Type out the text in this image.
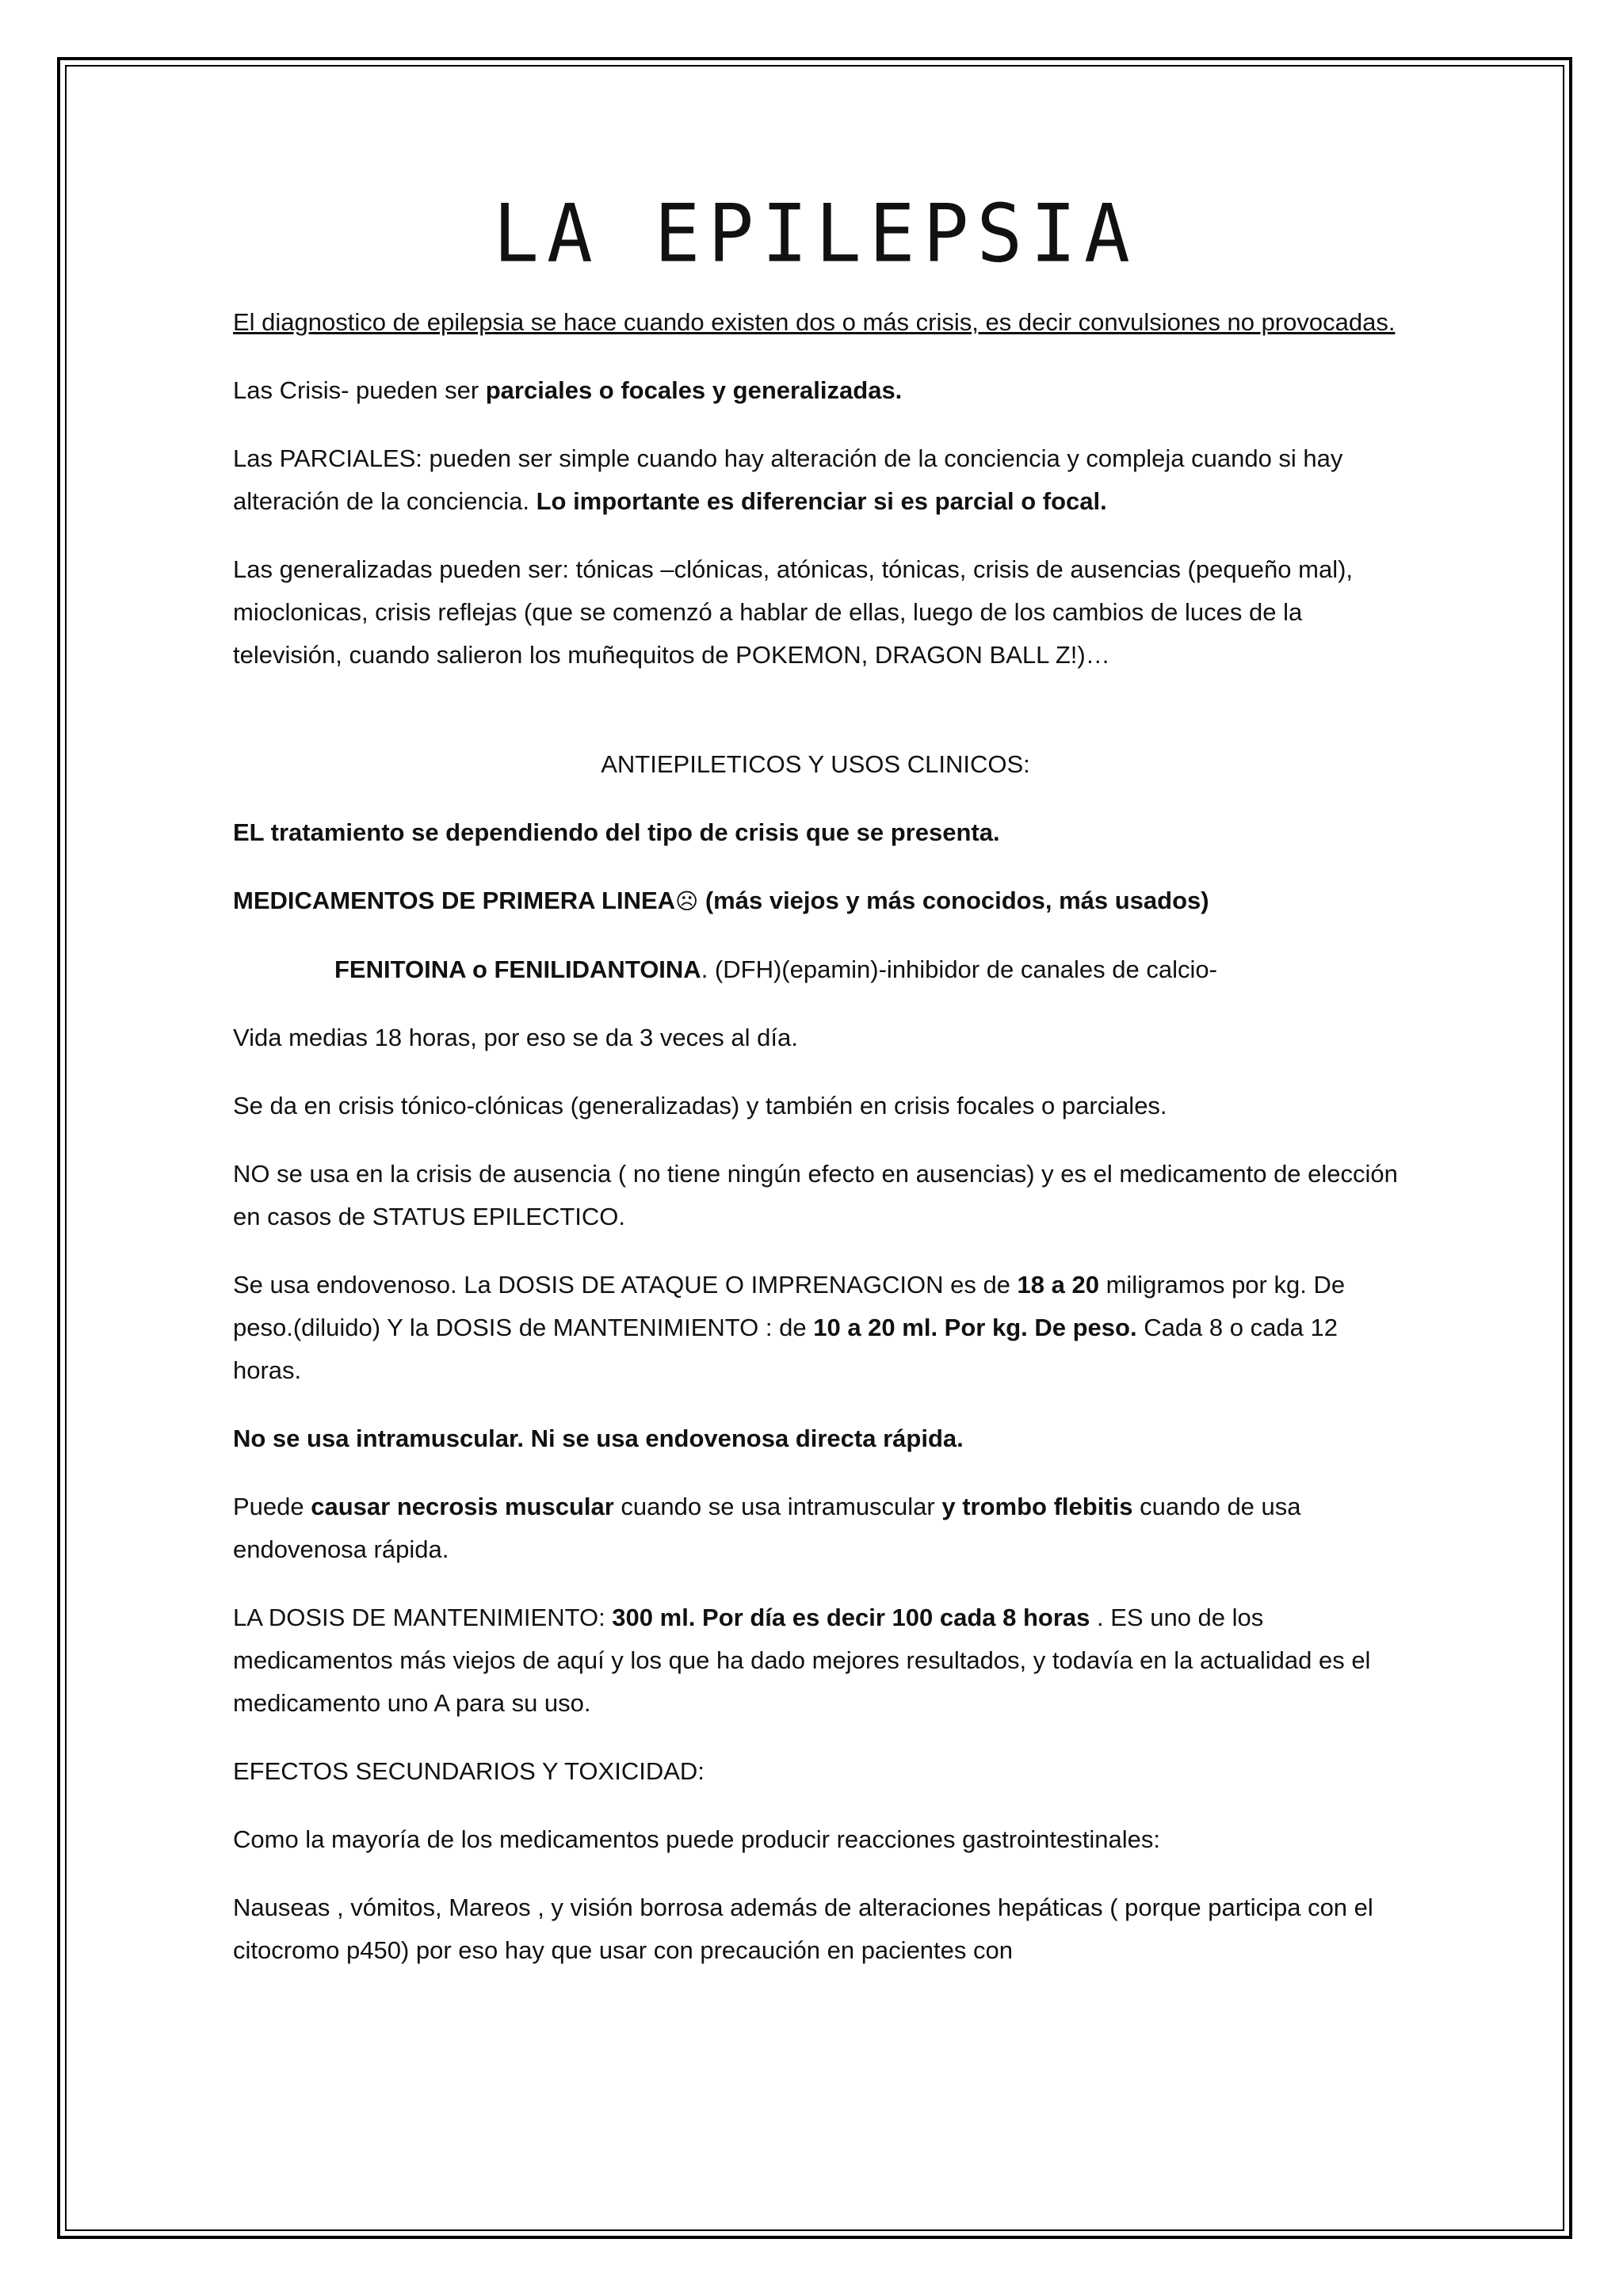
LA EPILEPSIA

El diagnostico de epilepsia se hace cuando existen dos o más crisis, es decir convulsiones no provocadas.

Las Crisis- pueden ser parciales o focales y generalizadas.

Las PARCIALES: pueden ser simple cuando hay alteración de la conciencia y compleja cuando si hay alteración de la conciencia. Lo importante es diferenciar si es parcial o focal.

Las generalizadas pueden ser: tónicas –clónicas, atónicas, tónicas, crisis de ausencias (pequeño mal), mioclonicas, crisis reflejas (que se comenzó a hablar de ellas, luego de los cambios de luces de la televisión, cuando salieron los muñequitos de POKEMON, DRAGON BALL Z!)…

ANTIEPILETICOS Y USOS CLINICOS:

EL tratamiento se dependiendo del tipo de crisis que se presenta.

MEDICAMENTOS DE PRIMERA LINEA☹ (más viejos y más conocidos, más usados)

FENITOINA o FENILIDANTOINA. (DFH)(epamin)-inhibidor de canales de calcio-

Vida medias 18 horas, por eso se da 3 veces al día.

Se da en crisis tónico-clónicas (generalizadas) y también en crisis focales o parciales.

NO se usa en la crisis de ausencia ( no tiene ningún efecto en ausencias) y es el medicamento de elección en casos de STATUS EPILECTICO.

Se usa endovenoso. La DOSIS DE ATAQUE O IMPRENAGCION es de 18 a 20 miligramos por kg. De peso.(diluido) Y la DOSIS de MANTENIMIENTO : de 10 a 20 ml. Por kg. De peso. Cada 8 o cada 12 horas.

No se usa intramuscular. Ni se usa endovenosa directa rápida.

Puede causar necrosis muscular cuando se usa intramuscular y trombo flebitis cuando de usa endovenosa rápida.

LA DOSIS DE MANTENIMIENTO: 300 ml. Por día es decir 100 cada 8 horas . ES uno de los medicamentos más viejos de aquí y los que ha dado mejores resultados, y todavía en la actualidad es el medicamento uno A para su uso.

EFECTOS SECUNDARIOS Y TOXICIDAD:

Como la mayoría de los medicamentos puede producir reacciones gastrointestinales:

Nauseas , vómitos, Mareos , y visión borrosa además de alteraciones hepáticas ( porque participa con el citocromo p450) por eso hay que usar con precaución en pacientes con
